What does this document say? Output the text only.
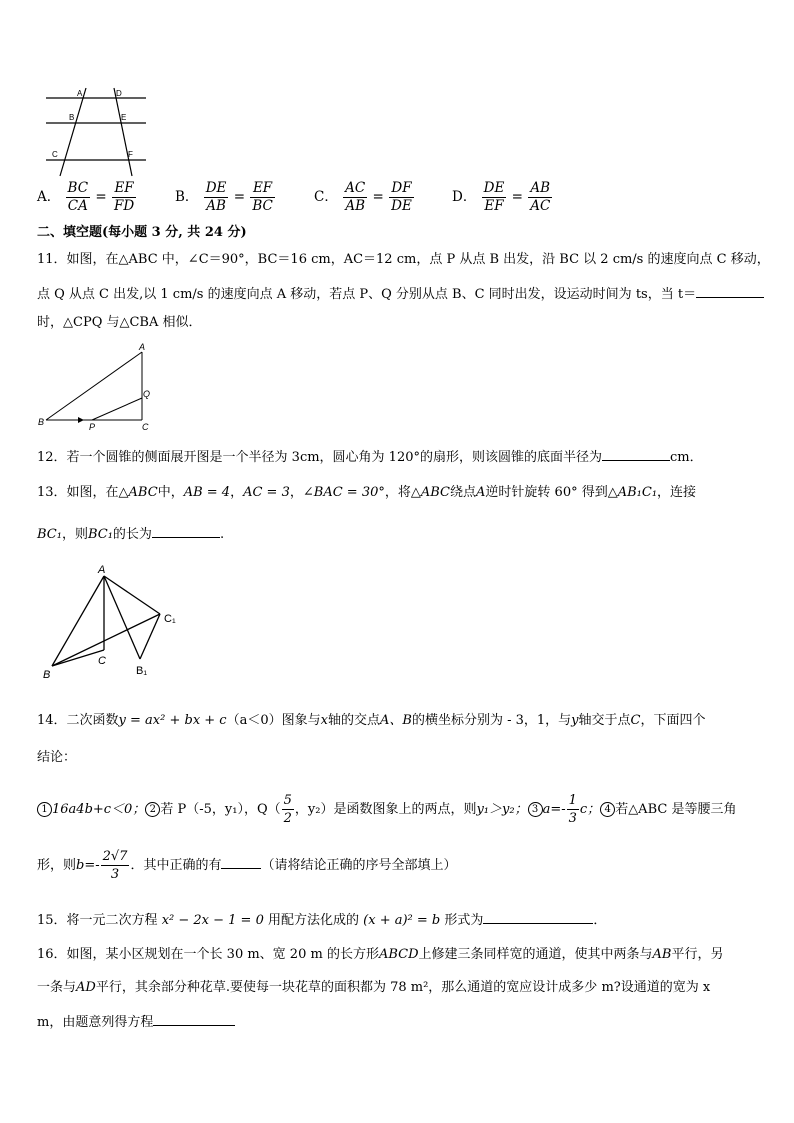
A	D
B	E
C	F
A． $\frac{BC}{CA} = \frac{EF}{FD}$	B． $\frac{DE}{AB} = \frac{EF}{BC}$	C． $\frac{AC}{AB} = \frac{DF}{DE}$	D． $\frac{DE}{EF} = \frac{AB}{AC}$
二、填空题(每小题 3 分, 共 24 分)
11．如图，在△ABC 中，∠C＝90°，BC＝16 cm，AC＝12 cm，点 P 从点 B 出发，沿 BC 以 2 cm/s 的速度向点 C 移动，
点 Q 从点 C 出发,以 1 cm/s 的速度向点 A 移动，若点 P、Q 分别从点 B、C 同时出发，设运动时间为 ts，当 t＝
时，△CPQ 与△CBA 相似．
A
Q
B	P	C
12．若一个圆锥的侧面展开图是一个半径为 3cm，圆心角为 120°的扇形，则该圆锥的底面半径为	cm．
13．如图，在△ABC中，AB = 4，AC = 3，∠BAC = 30°，将△ABC绕点A逆时针旋转 60° 得到△AB₁C₁，连接
BC₁，则BC₁的长为	.
A
C₁
C
B	B₁
14．二次函数y = ax² + bx + c（a＜0）图象与x轴的交点A、B的横坐标分别为 - 3，1，与y轴交于点C，下面四个
结论：
1 16a4b+c＜0； 2 若 P（-5，y₁），$Q( \frac{5}{2}$ ，y₂）是函数图象上的两点，则y₁＞y₂； 3 $a=- \frac{1}{3}$ c； 4 若△ABC 是等腰三角
形，则$b=- \frac{2√7}{3}$ ．其中正确的有	（请将结论正确的序号全部填上）
15．将一元二次方程 x² − 2x − 1 = 0 用配方法化成的 (x + a)² = b 形式为	．
16．如图，某小区规划在一个长 30 m、宽 20 m 的长方形ABCD上修建三条同样宽的通道，使其中两条与AB平行，另
一条与AD平行，其余部分种花草.要使每一块花草的面积都为 78 m²，那么通道的宽应设计成多少 m?设通道的宽为 x
m，由题意列得方程
